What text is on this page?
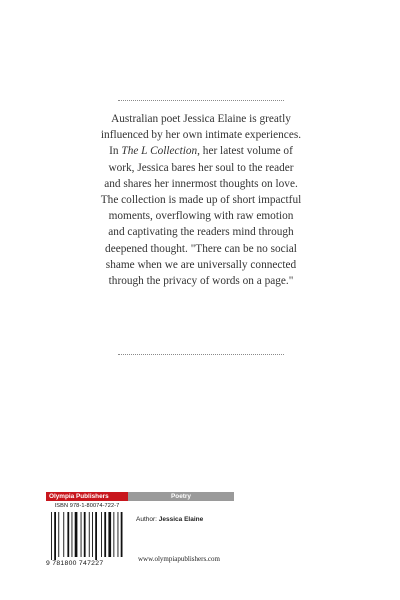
Australian poet Jessica Elaine is greatly influenced by her own intimate experiences. In The L Collection, her latest volume of work, Jessica bares her soul to the reader and shares her innermost thoughts on love. The collection is made up of short impactful moments, overflowing with raw emotion and captivating the readers mind through deepened thought. "There can be no social shame when we are universally connected through the privacy of words on a page."

Olympia Publishers	Poetry
ISBN 978-1-80074-722-7
9 781800 747227
Author: Jessica Elaine
www.olympiapublishers.com
